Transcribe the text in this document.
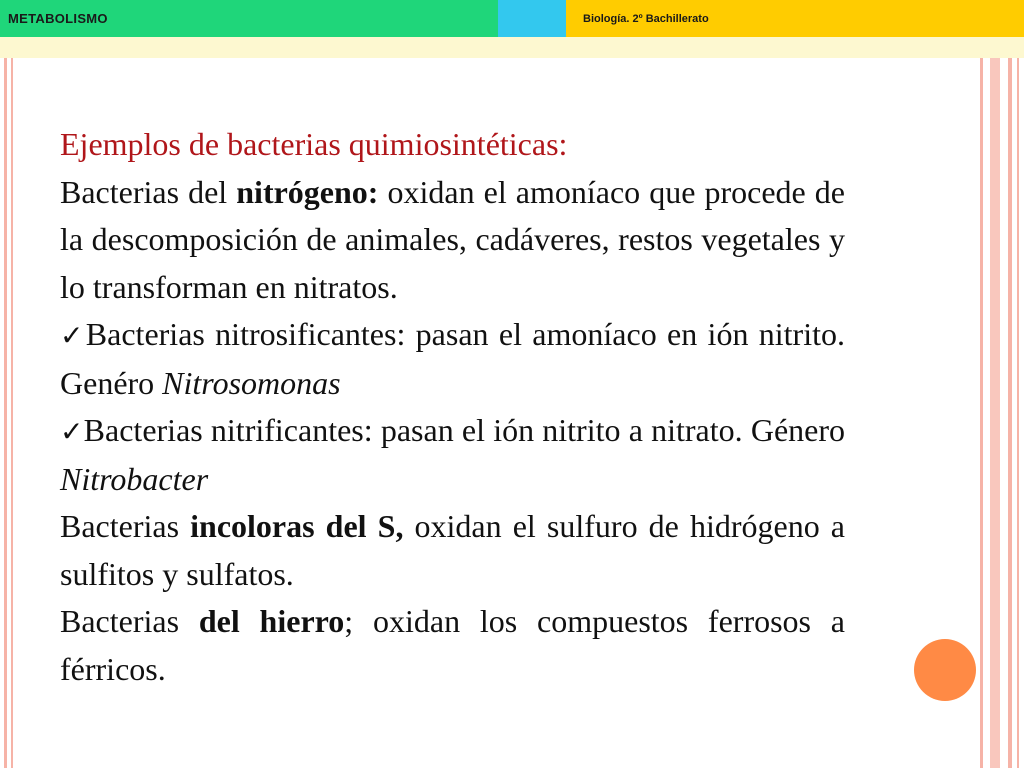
METABOLISMO	Biología. 2º Bachillerato

Ejemplos de bacterias quimiosintéticas:

Bacterias del nitrógeno: oxidan el amoníaco que procede de la descomposición de animales, cadáveres, restos vegetales y lo transforman en nitratos.

✓Bacterias nitrosificantes: pasan el amoníaco en ión nitrito. Genéro Nitrosomonas

✓Bacterias nitrificantes: pasan el ión nitrito a nitrato. Género Nitrobacter

Bacterias incoloras del S, oxidan el sulfuro de hidrógeno a sulfitos y sulfatos.

Bacterias del hierro; oxidan los compuestos ferrosos a férricos.
